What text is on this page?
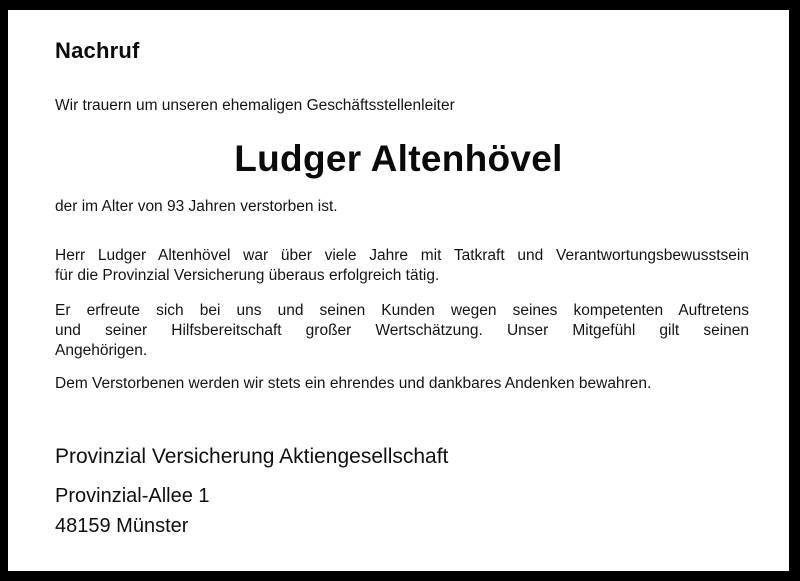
Nachruf
Wir trauern um unseren ehemaligen Geschäftsstellenleiter
Ludger Altenhövel
der im Alter von 93 Jahren verstorben ist.
Herr Ludger Altenhövel war über viele Jahre mit Tatkraft und Verantwortungsbewusstsein
für die Provinzial Versicherung überaus erfolgreich tätig.
Er erfreute sich bei uns und seinen Kunden wegen seines kompetenten Auftretens
und seiner Hilfsbereitschaft großer Wertschätzung. Unser Mitgefühl gilt seinen
Angehörigen.
Dem Verstorbenen werden wir stets ein ehrendes und dankbares Andenken bewahren.
Provinzial Versicherung Aktiengesellschaft
Provinzial-Allee 1
48159 Münster
